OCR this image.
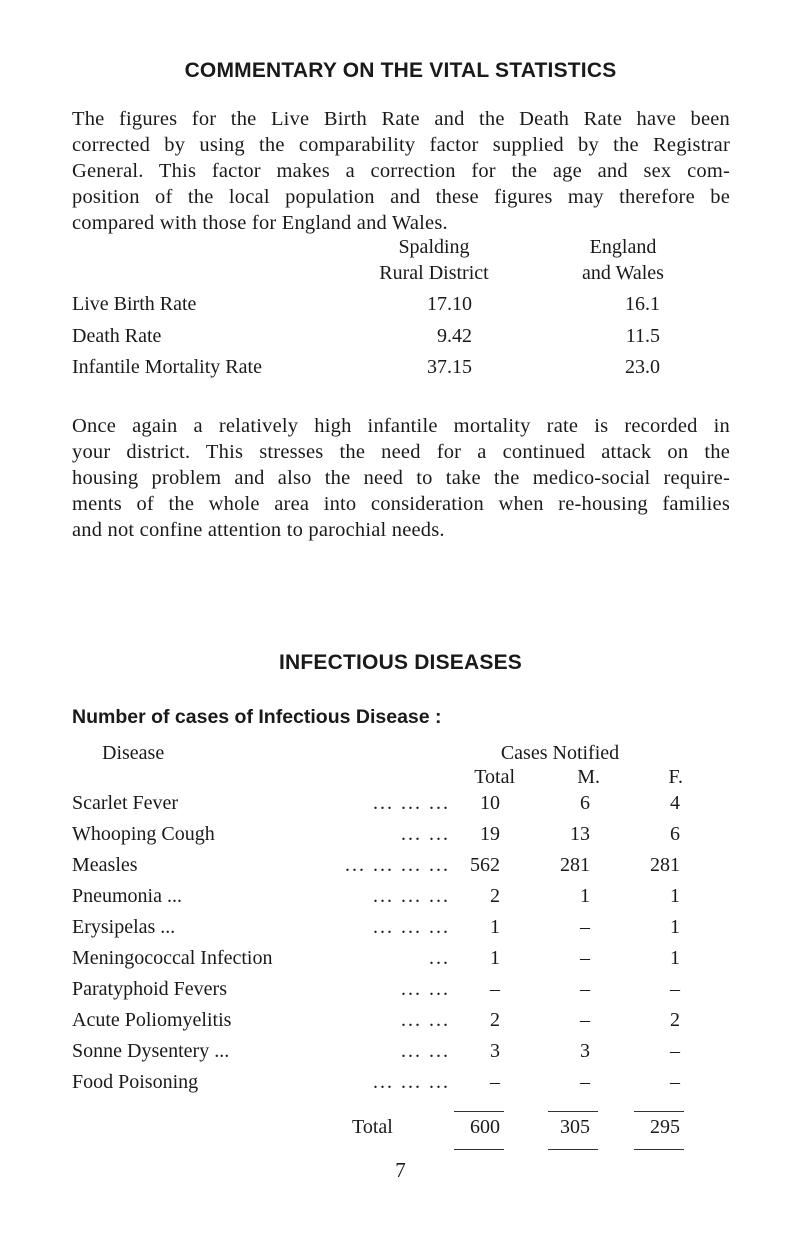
COMMENTARY ON THE VITAL STATISTICS
The figures for the Live Birth Rate and the Death Rate have been
corrected by using the comparability factor supplied by the Registrar
General. This factor makes a correction for the age and sex com-
position of the local population and these figures may therefore be
compared with those for England and Wales.
Spalding
Rural District
England
and Wales
Live Birth Rate	17.10	16.1
Death Rate	9.42	11.5
Infantile Mortality Rate	37.15	23.0
Once again a relatively high infantile mortality rate is recorded in
your district. This stresses the need for a continued attack on the
housing problem and also the need to take the medico-social require-
ments of the whole area into consideration when re-housing families
and not confine attention to parochial needs.
INFECTIOUS DISEASES
Number of cases of Infectious Disease :
Disease	Cases Notified
Total	M.	F.
Scarlet Fever	... ... ...	10	6	4
Whooping Cough	... ...	19	13	6
Measles	... ... ... ...	562	281	281
Pneumonia ...	... ... ...	2	1	1
Erysipelas ...	... ... ...	1	–	1
Meningococcal Infection	...	1	–	1
Paratyphoid Fevers	... ...	–	–	–
Acute Poliomyelitis	... ...	2	–	2
Sonne Dysentery ...	... ...	3	3	–
Food Poisoning	... ... ...	–	–	–
Total	600	305	295
7
